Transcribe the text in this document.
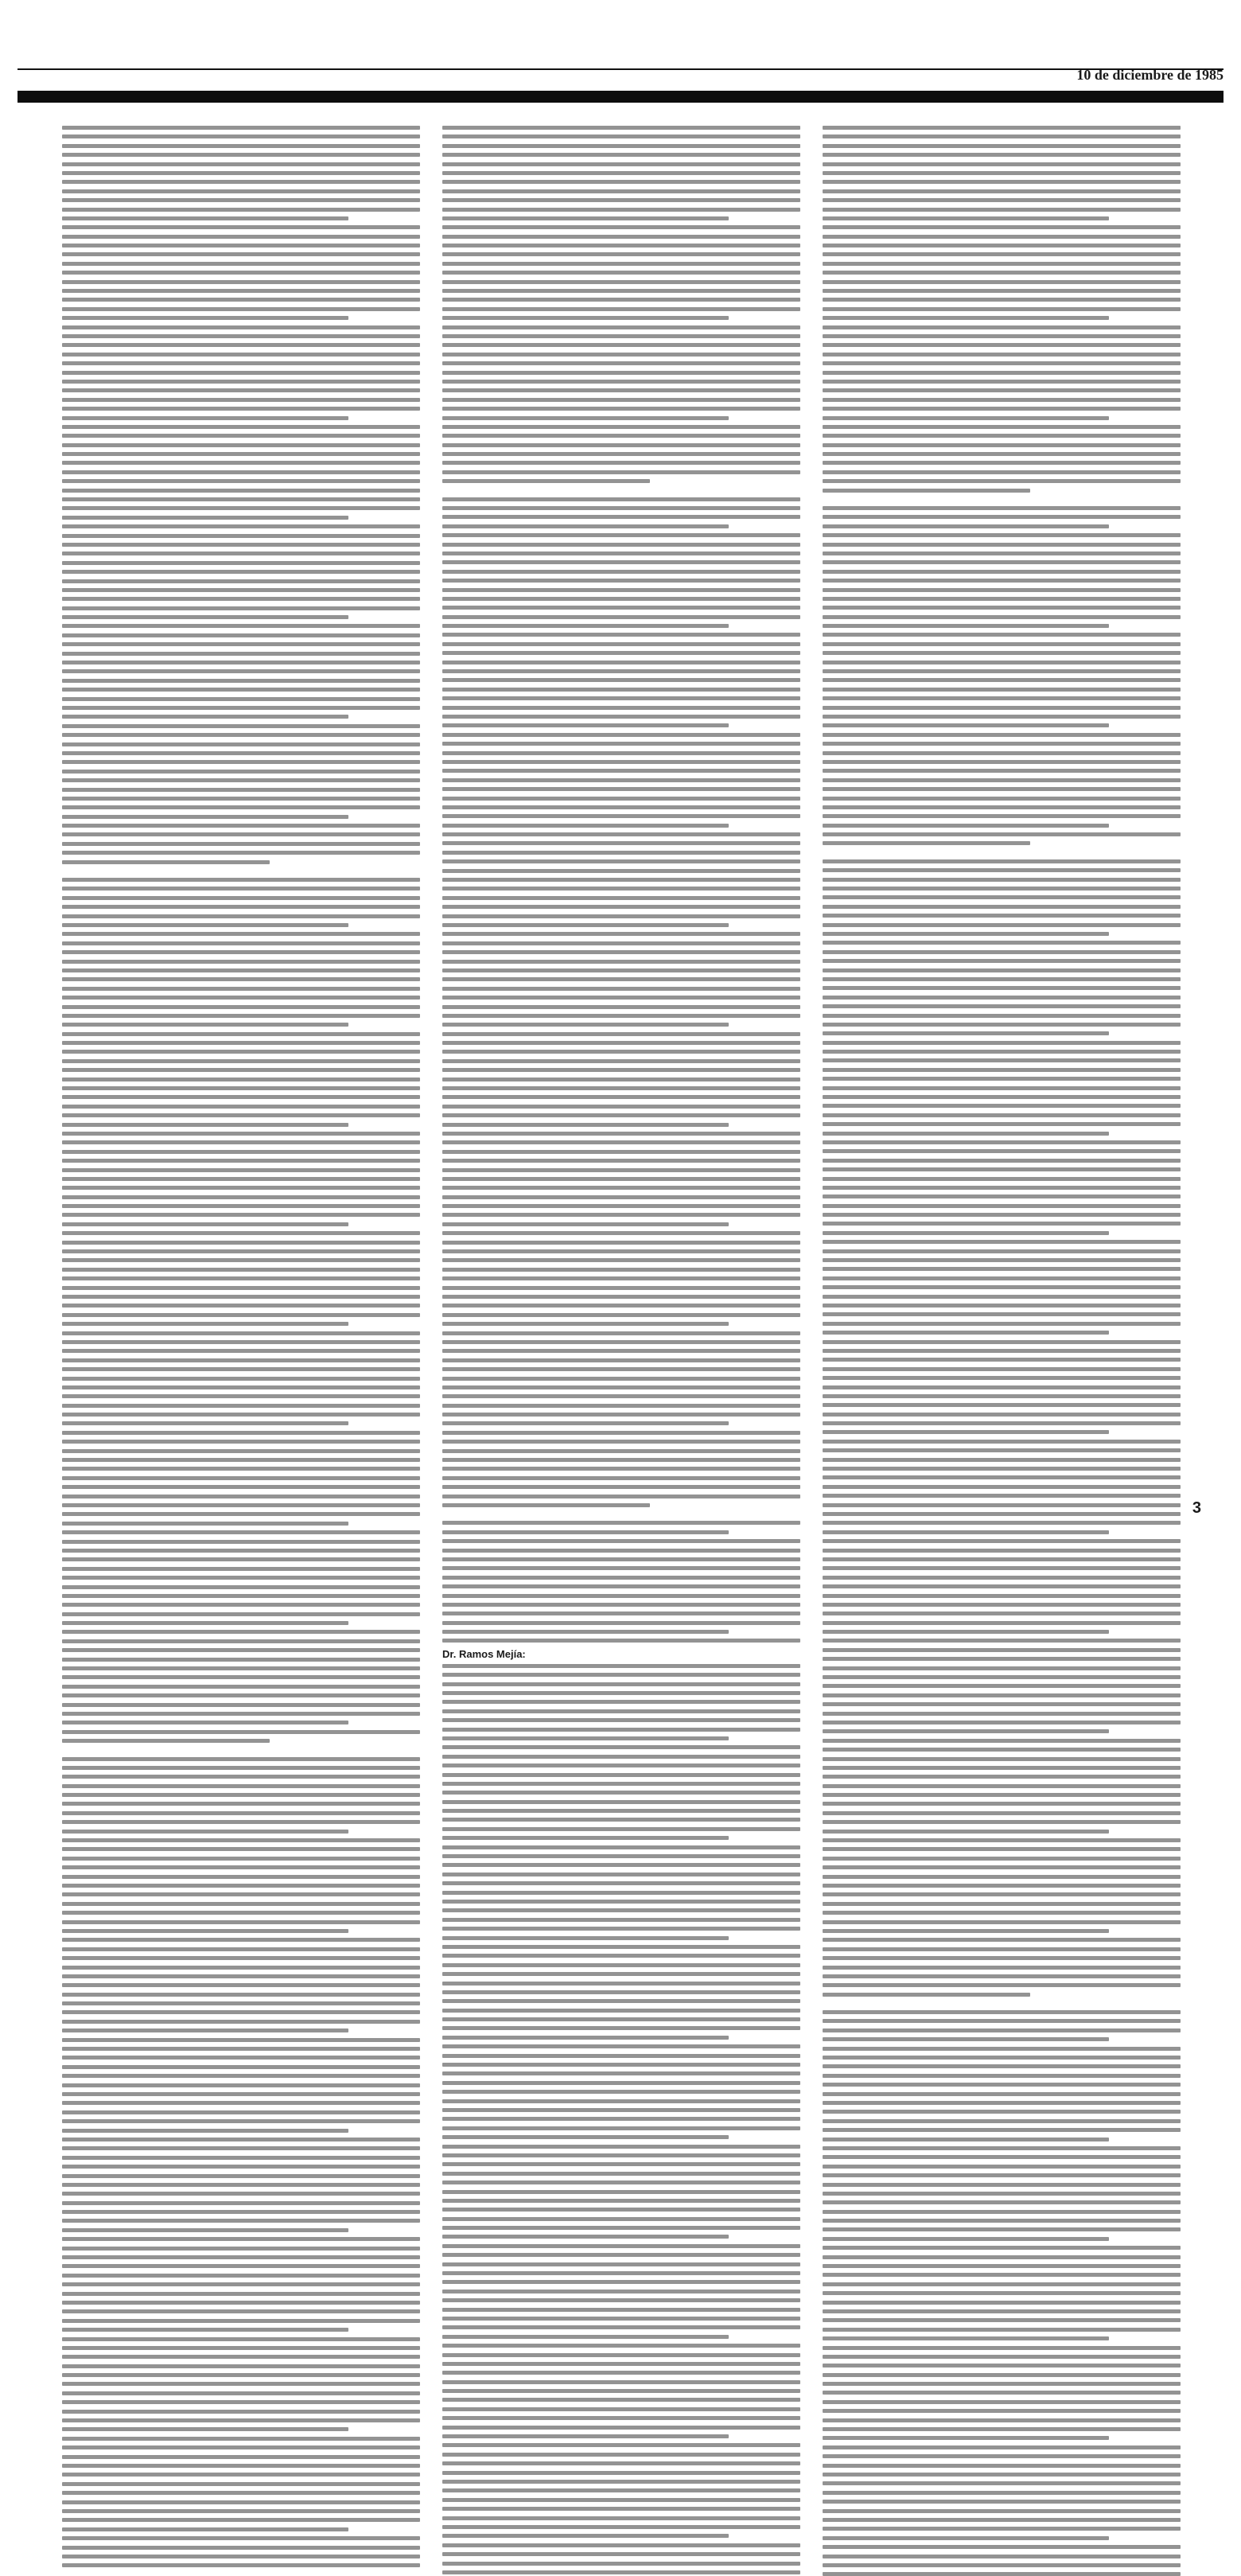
10 de diciembre de 1985
Dr. Ramos Mejía:
3
